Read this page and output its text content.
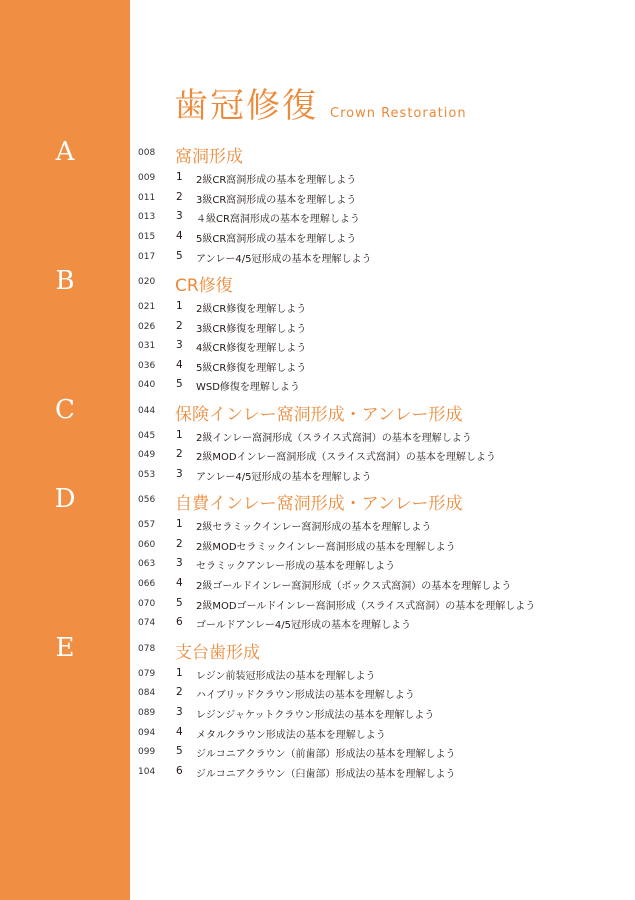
歯冠修復 Crown Restoration
A	008 窩洞形成
009 1 2級CR窩洞形成の基本を理解しよう
011 2 3級CR窩洞形成の基本を理解しよう
013 3 ４級CR窩洞形成の基本を理解しよう
015 4 5級CR窩洞形成の基本を理解しよう
017 5 アンレー4/5冠形成の基本を理解しよう
B	020 CR修復
021 1 2級CR修復を理解しよう
026 2 3級CR修復を理解しよう
031 3 4級CR修復を理解しよう
036 4 5級CR修復を理解しよう
040 5 WSD修復を理解しよう
C	044 保険インレー窩洞形成・アンレー形成
045 1 2級インレー窩洞形成（スライス式窩洞）の基本を理解しよう
049 2 2級MODインレー窩洞形成（スライス式窩洞）の基本を理解しよう
053 3 アンレー4/5冠形成の基本を理解しよう
D	056 自費インレー窩洞形成・アンレー形成
057 1 2級セラミックインレー窩洞形成の基本を理解しよう
060 2 2級MODセラミックインレー窩洞形成の基本を理解しよう
063 3 セラミックアンレー形成の基本を理解しよう
066 4 2級ゴールドインレー窩洞形成（ボックス式窩洞）の基本を理解しよう
070 5 2級MODゴールドインレー窩洞形成（スライス式窩洞）の基本を理解しよう
074 6 ゴールドアンレー4/5冠形成の基本を理解しよう
E	078 支台歯形成
079 1 レジン前装冠形成法の基本を理解しよう
084 2 ハイブリッドクラウン形成法の基本を理解しよう
089 3 レジンジャケットクラウン形成法の基本を理解しよう
094 4 メタルクラウン形成法の基本を理解しよう
099 5 ジルコニアクラウン（前歯部）形成法の基本を理解しよう
104 6 ジルコニアクラウン（臼歯部）形成法の基本を理解しよう
